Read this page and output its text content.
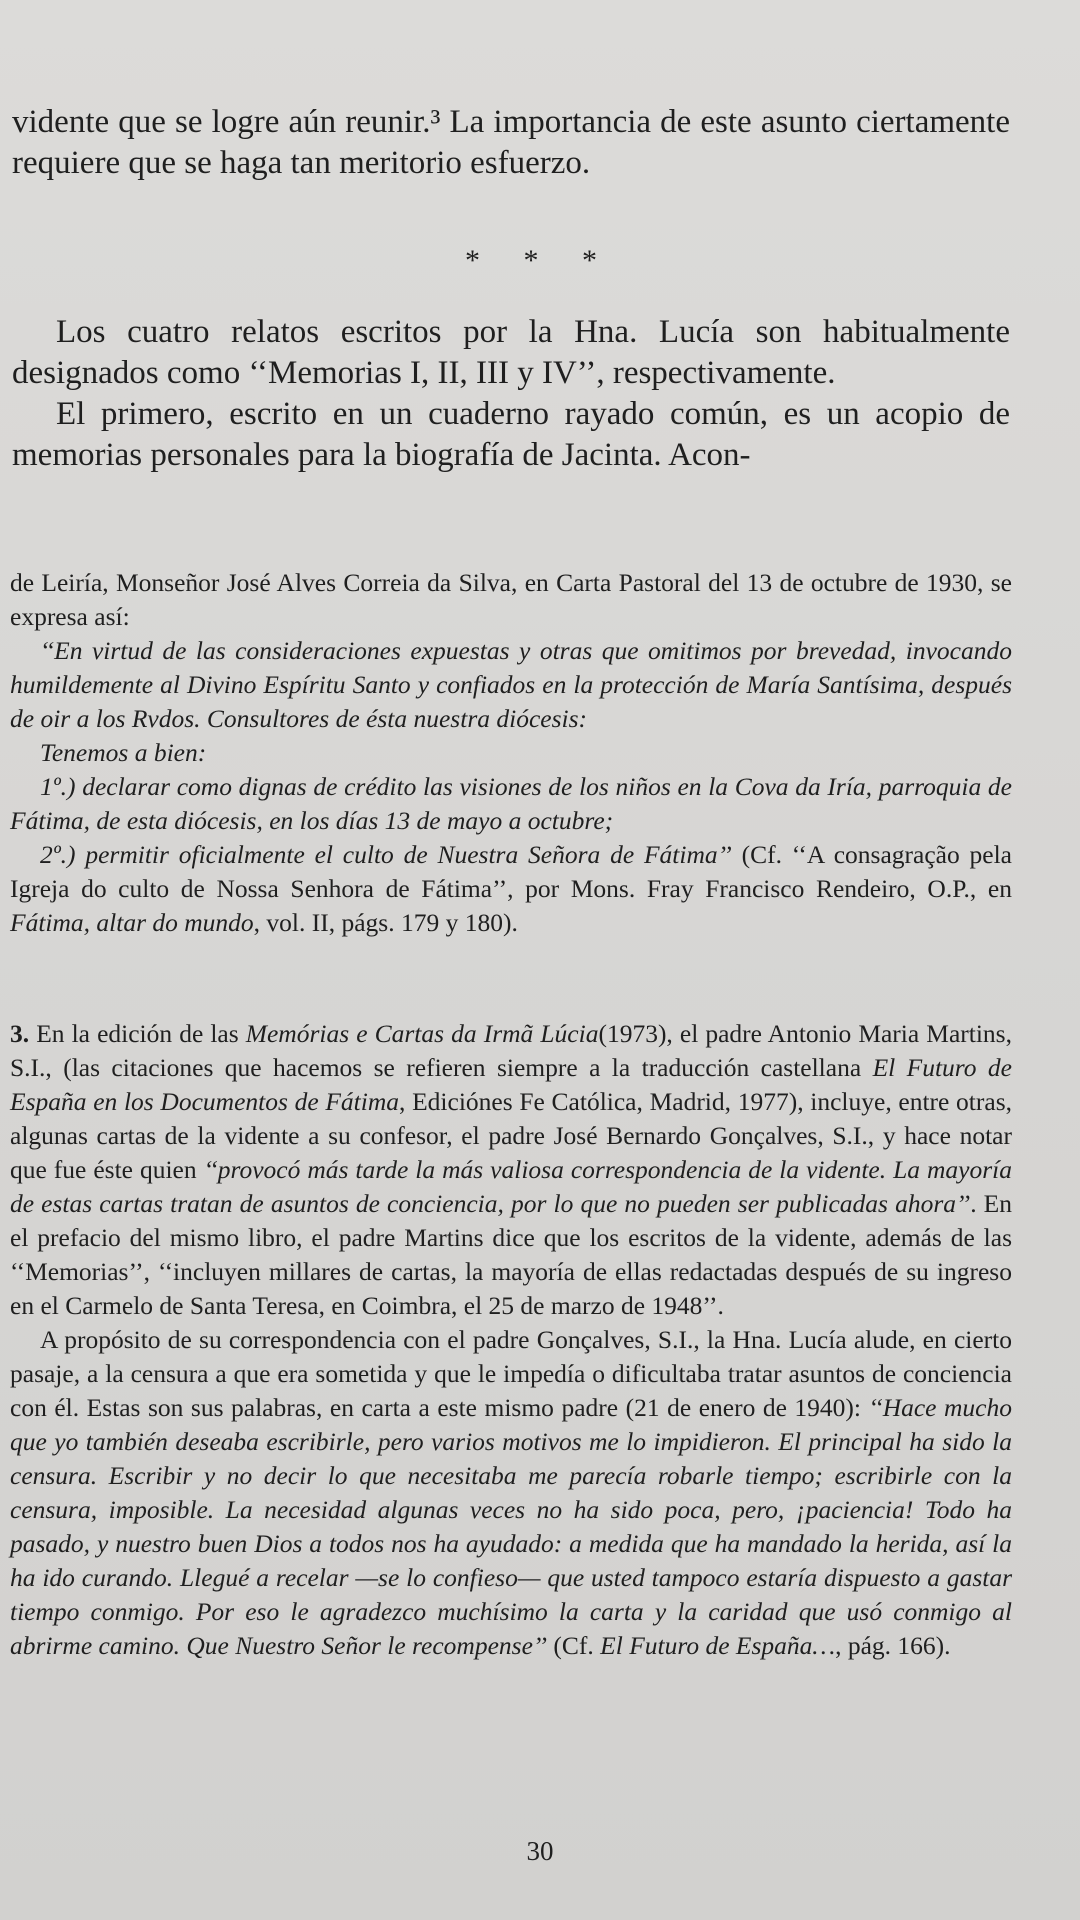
vidente que se logre aún reunir.³ La importancia de este asunto ciertamente requiere que se haga tan meritorio esfuerzo.

* * *

Los cuatro relatos escritos por la Hna. Lucía son habitualmente designados como ‘‘Memorias I, II, III y IV’’, respectivamente.

El primero, escrito en un cuaderno rayado común, es un acopio de memorias personales para la biografía de Jacinta. Acon-

de Leiría, Monseñor José Alves Correia da Silva, en Carta Pastoral del 13 de octubre de 1930, se expresa así:

‘‘En virtud de las consideraciones expuestas y otras que omitimos por brevedad, invocando humildemente al Divino Espíritu Santo y confiados en la protección de María Santísima, después de oir a los Rvdos. Consultores de ésta nuestra diócesis:

Tenemos a bien:

1º.) declarar como dignas de crédito las visiones de los niños en la Cova da Iría, parroquia de Fátima, de esta diócesis, en los días 13 de mayo a octubre;

2º.) permitir oficialmente el culto de Nuestra Señora de Fátima’’ (Cf. ‘‘A consagração pela Igreja do culto de Nossa Senhora de Fátima’’, por Mons. Fray Francisco Rendeiro, O.P., en Fátima, altar do mundo, vol. II, págs. 179 y 180).

3. En la edición de las Memórias e Cartas da Irmã Lúcia(1973), el padre Antonio Maria Martins, S.I., (las citaciones que hacemos se refieren siempre a la traducción castellana El Futuro de España en los Documentos de Fátima, Ediciónes Fe Católica, Madrid, 1977), incluye, entre otras, algunas cartas de la vidente a su confesor, el padre José Bernardo Gonçalves, S.I., y hace notar que fue éste quien ‘‘provocó más tarde la más valiosa correspondencia de la vidente. La mayoría de estas cartas tratan de asuntos de conciencia, por lo que no pueden ser publicadas ahora’’. En el prefacio del mismo libro, el padre Martins dice que los escritos de la vidente, además de las ‘‘Memorias’’, ‘‘incluyen millares de cartas, la mayoría de ellas redactadas después de su ingreso en el Carmelo de Santa Teresa, en Coimbra, el 25 de marzo de 1948’’.

A propósito de su correspondencia con el padre Gonçalves, S.I., la Hna. Lucía alude, en cierto pasaje, a la censura a que era sometida y que le impedía o dificultaba tratar asuntos de conciencia con él. Estas son sus palabras, en carta a este mismo padre (21 de enero de 1940): ‘‘Hace mucho que yo también deseaba escribirle, pero varios motivos me lo impidieron. El principal ha sido la censura. Escribir y no decir lo que necesitaba me parecía robarle tiempo; escribirle con la censura, imposible. La necesidad algunas veces no ha sido poca, pero, ¡paciencia! Todo ha pasado, y nuestro buen Dios a todos nos ha ayudado: a medida que ha mandado la herida, así la ha ido curando. Llegué a recelar —se lo confieso— que usted tampoco estaría dispuesto a gastar tiempo conmigo. Por eso le agradezco muchísimo la carta y la caridad que usó conmigo al abrirme camino. Que Nuestro Señor le recompense’’ (Cf. El Futuro de España…, pág. 166).

30
